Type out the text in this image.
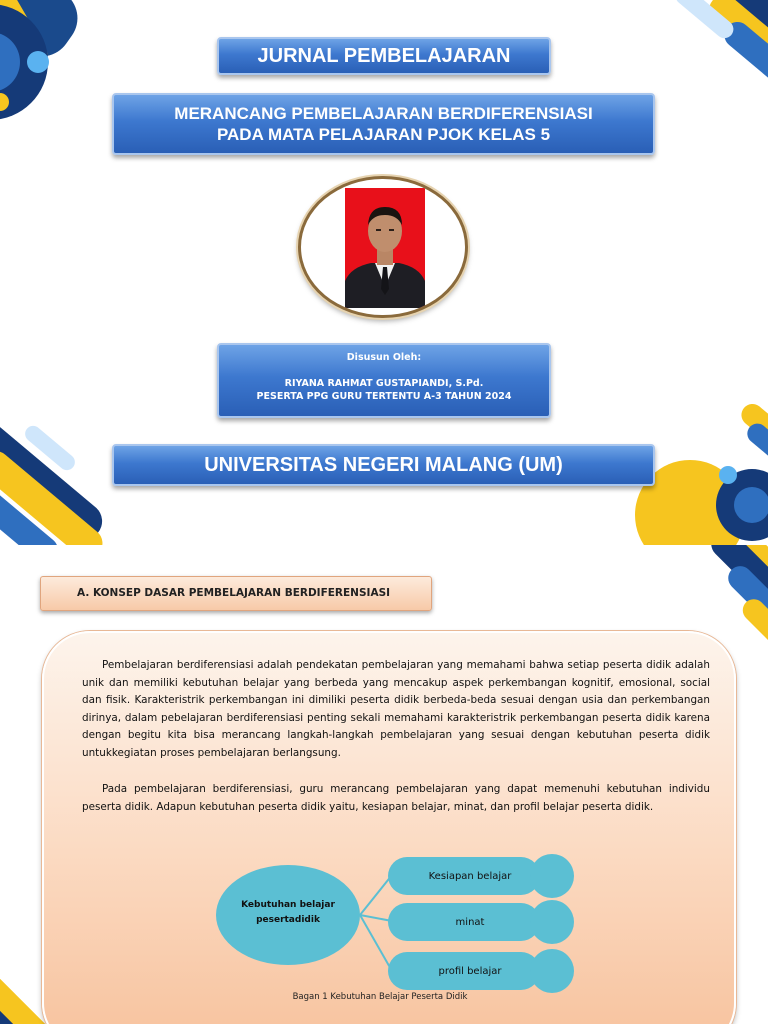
JURNAL PEMBELAJARAN
MERANCANG PEMBELAJARAN BERDIFERENSIASI
PADA MATA PELAJARAN PJOK KELAS 5
Disusun Oleh:
RIYANA RAHMAT GUSTAPIANDI, S.Pd.
PESERTA PPG GURU TERTENTU A-3 TAHUN 2024
UNIVERSITAS NEGERI MALANG (UM)
A. KONSEP DASAR PEMBELAJARAN BERDIFERENSIASI

Pembelajaran berdiferensiasi adalah pendekatan pembelajaran yang memahami bahwa setiap peserta didik adalah unik dan memiliki kebutuhan belajar yang berbeda yang mencakup aspek perkembangan kognitif, emosional, social dan fisik. Karakteristrik perkembangan ini dimiliki peserta didik berbeda-beda sesuai dengan usia dan perkembangan dirinya, dalam pebelajaran berdiferensiasi penting sekali memahami karakteristrik perkembangan peserta didik karena dengan begitu kita bisa merancang langkah-langkah pembelajaran yang sesuai dengan kebutuhan peserta didik untukkegiatan proses pembelajaran berlangsung.

Pada pembelajaran berdiferensiasi, guru merancang pembelajaran yang dapat memenuhi kebutuhan individu peserta didik. Adapun kebutuhan peserta didik yaitu, kesiapan belajar, minat, dan profil belajar peserta didik.

Kebutuhan belajar
pesertadidik
Kesiapan belajar
minat
profil belajar
Bagan 1 Kebutuhan Belajar Peserta Didik
